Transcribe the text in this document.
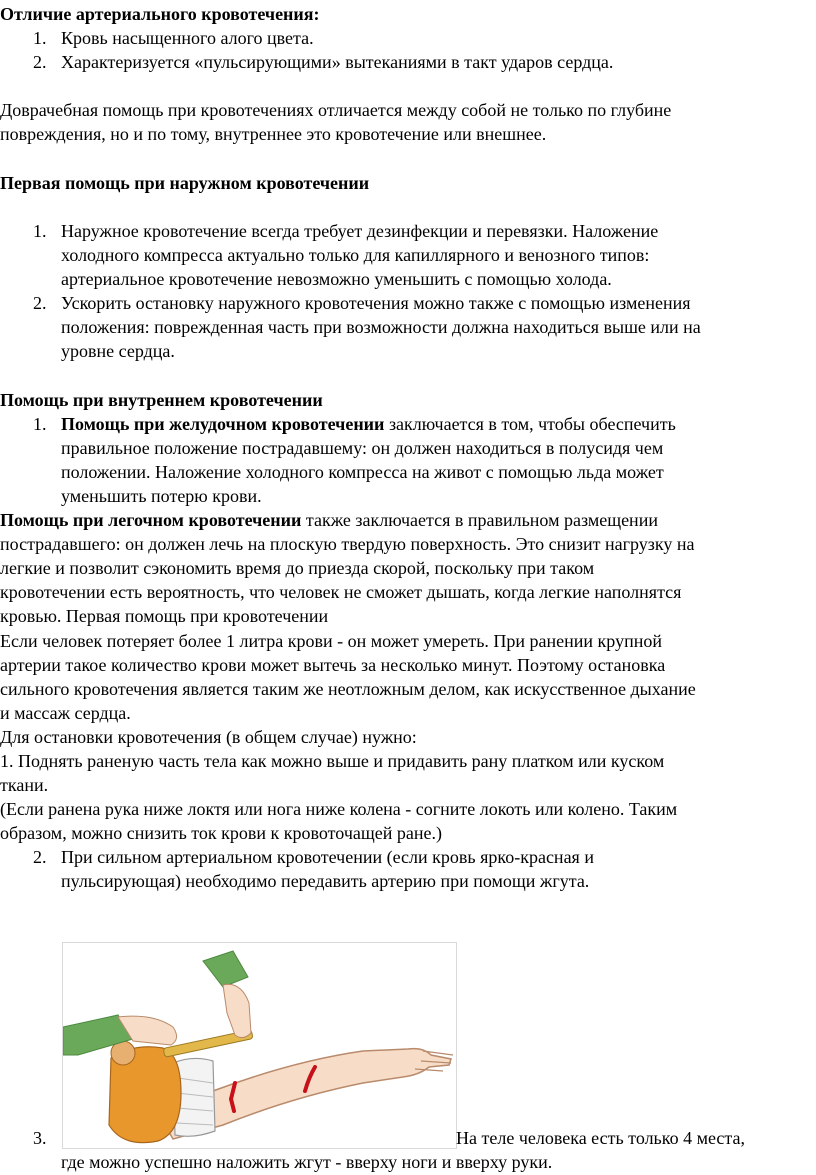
Отличие артериального кровотечения:
1. Кровь насыщенного алого цвета.
2. Характеризуется «пульсирующими» вытеканиями в такт ударов сердца.
Доврачебная помощь при кровотечениях отличается между собой не только по глубине
повреждения, но и по тому, внутреннее это кровотечение или внешнее.
Первая помощь при наружном кровотечении
1. Наружное кровотечение всегда требует дезинфекции и перевязки. Наложение
холодного компресса актуально только для капиллярного и венозного типов:
артериальное кровотечение невозможно уменьшить с помощью холода.
2. Ускорить остановку наружного кровотечения можно также с помощью изменения
положения: поврежденная часть при возможности должна находиться выше или на
уровне сердца.
Помощь при внутреннем кровотечении
1. Помощь при желудочном кровотечении заключается в том, чтобы обеспечить
правильное положение пострадавшему: он должен находиться в полусидя чем
положении. Наложение холодного компресса на живот с помощью льда может
уменьшить потерю крови.
Помощь при легочном кровотечении также заключается в правильном размещении
пострадавшего: он должен лечь на плоскую твердую поверхность. Это снизит нагрузку на
легкие и позволит сэкономить время до приезда скорой, поскольку при таком
кровотечении есть вероятность, что человек не сможет дышать, когда легкие наполнятся
кровью. Первая помощь при кровотечении
Если человек потеряет более 1 литра крови - он может умереть. При ранении крупной
артерии такое количество крови может вытечь за несколько минут. Поэтому остановка
сильного кровотечения является таким же неотложным делом, как искусственное дыхание
и массаж сердца.
Для остановки кровотечения (в общем случае) нужно:
1. Поднять раненую часть тела как можно выше и придавить рану платком или куском
ткани.
(Если ранена рука ниже локтя или нога ниже колена - согните локоть или колено. Таким
образом, можно снизить ток крови к кровоточащей ране.)
2. При сильном артериальном кровотечении (если кровь ярко-красная и
пульсирующая) необходимо передавить артерию при помощи жгута.
3.	На теле человека есть только 4 места,
где можно успешно наложить жгут - вверху ноги и вверху руки.
